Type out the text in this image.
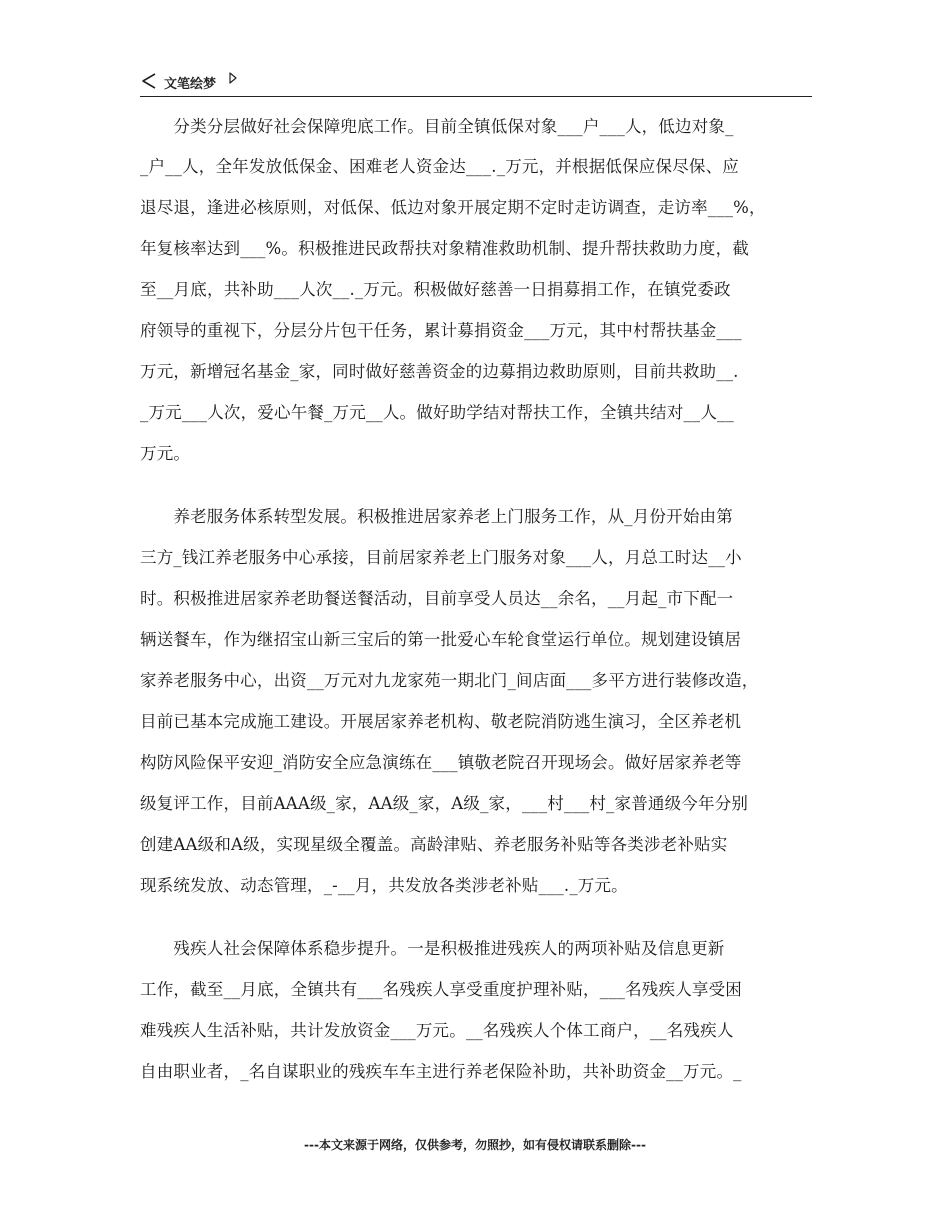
文笔绘梦
　　分类分层做好社会保障兜底工作。目前全镇低保对象___户___人，低边对象_
_户__人，全年发放低保金、困难老人资金达___._万元，并根据低保应保尽保、应
退尽退，逢进必核原则，对低保、低边对象开展定期不定时走访调查，走访率___%，
年复核率达到___%。积极推进民政帮扶对象精准救助机制、提升帮扶救助力度，截
至__月底，共补助___人次__._万元。积极做好慈善一日捐募捐工作，在镇党委政
府领导的重视下，分层分片包干任务，累计募捐资金___万元，其中村帮扶基金___
万元，新增冠名基金_家，同时做好慈善资金的边募捐边救助原则，目前共救助__.
_万元___人次，爱心午餐_万元__人。做好助学结对帮扶工作，全镇共结对__人__
万元。
　　养老服务体系转型发展。积极推进居家养老上门服务工作，从_月份开始由第
三方_钱江养老服务中心承接，目前居家养老上门服务对象___人，月总工时达__小
时。积极推进居家养老助餐送餐活动，目前享受人员达__余名，__月起_市下配一
辆送餐车，作为继招宝山新三宝后的第一批爱心车轮食堂运行单位。规划建设镇居
家养老服务中心，出资__万元对九龙家苑一期北门_间店面___多平方进行装修改造，
目前已基本完成施工建设。开展居家养老机构、敬老院消防逃生演习，全区养老机
构防风险保平安迎_消防安全应急演练在___镇敬老院召开现场会。做好居家养老等
级复评工作，目前AAA级_家，AA级_家，A级_家，___村___村_家普通级今年分别
创建AA级和A级，实现星级全覆盖。高龄津贴、养老服务补贴等各类涉老补贴实
现系统发放、动态管理，_-__月，共发放各类涉老补贴___._万元。
　　残疾人社会保障体系稳步提升。一是积极推进残疾人的两项补贴及信息更新
工作，截至__月底，全镇共有___名残疾人享受重度护理补贴，___名残疾人享受困
难残疾人生活补贴，共计发放资金___万元。__名残疾人个体工商户，__名残疾人
自由职业者，_名自谋职业的残疾车车主进行养老保险补助，共补助资金__万元。_
---本文来源于网络，仅供参考，勿照抄，如有侵权请联系删除---
